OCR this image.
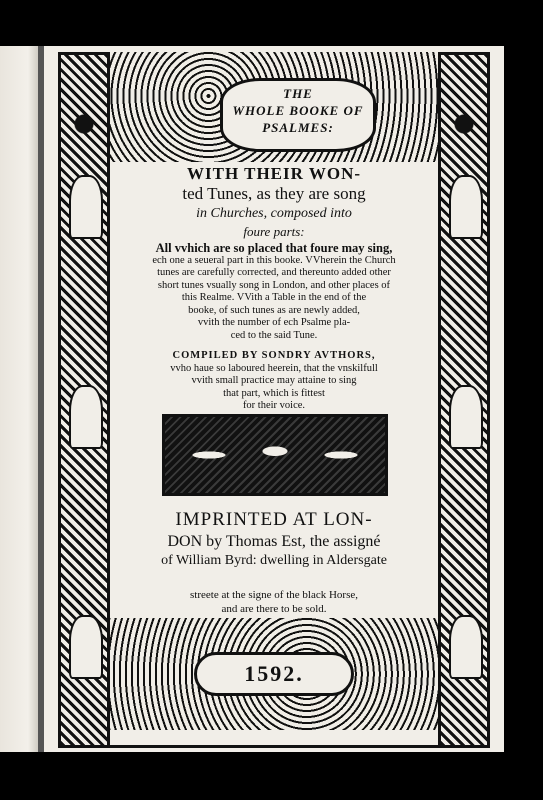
THE
WHOLE BOOKE OF
PSALMES:
WITH THEIR WON-
ted Tunes, as they are song
in Churches, composed into
foure parts:
All vvhich are so placed that foure may sing,
ech one a seueral part in this booke. VVherein the Church
tunes are carefully corrected, and thereunto added other
short tunes vsually song in London, and other places of
this Realme. VVith a Table in the end of the
booke, of such tunes as are newly added,
vvith the number of ech Psalme pla-
ced to the said Tune.
COMPILED BY SONDRY AVTHORS,
vvho haue so laboured heerein, that the vnskilfull
vvith small practice may attaine to sing
that part, which is fittest
for their voice.
IMPRINTED AT LON-
DON by Thomas Est, the assigné
of William Byrd: dwelling in Aldersgate
streete at the signe of the black Horse,
and are there to be sold.
1592.
